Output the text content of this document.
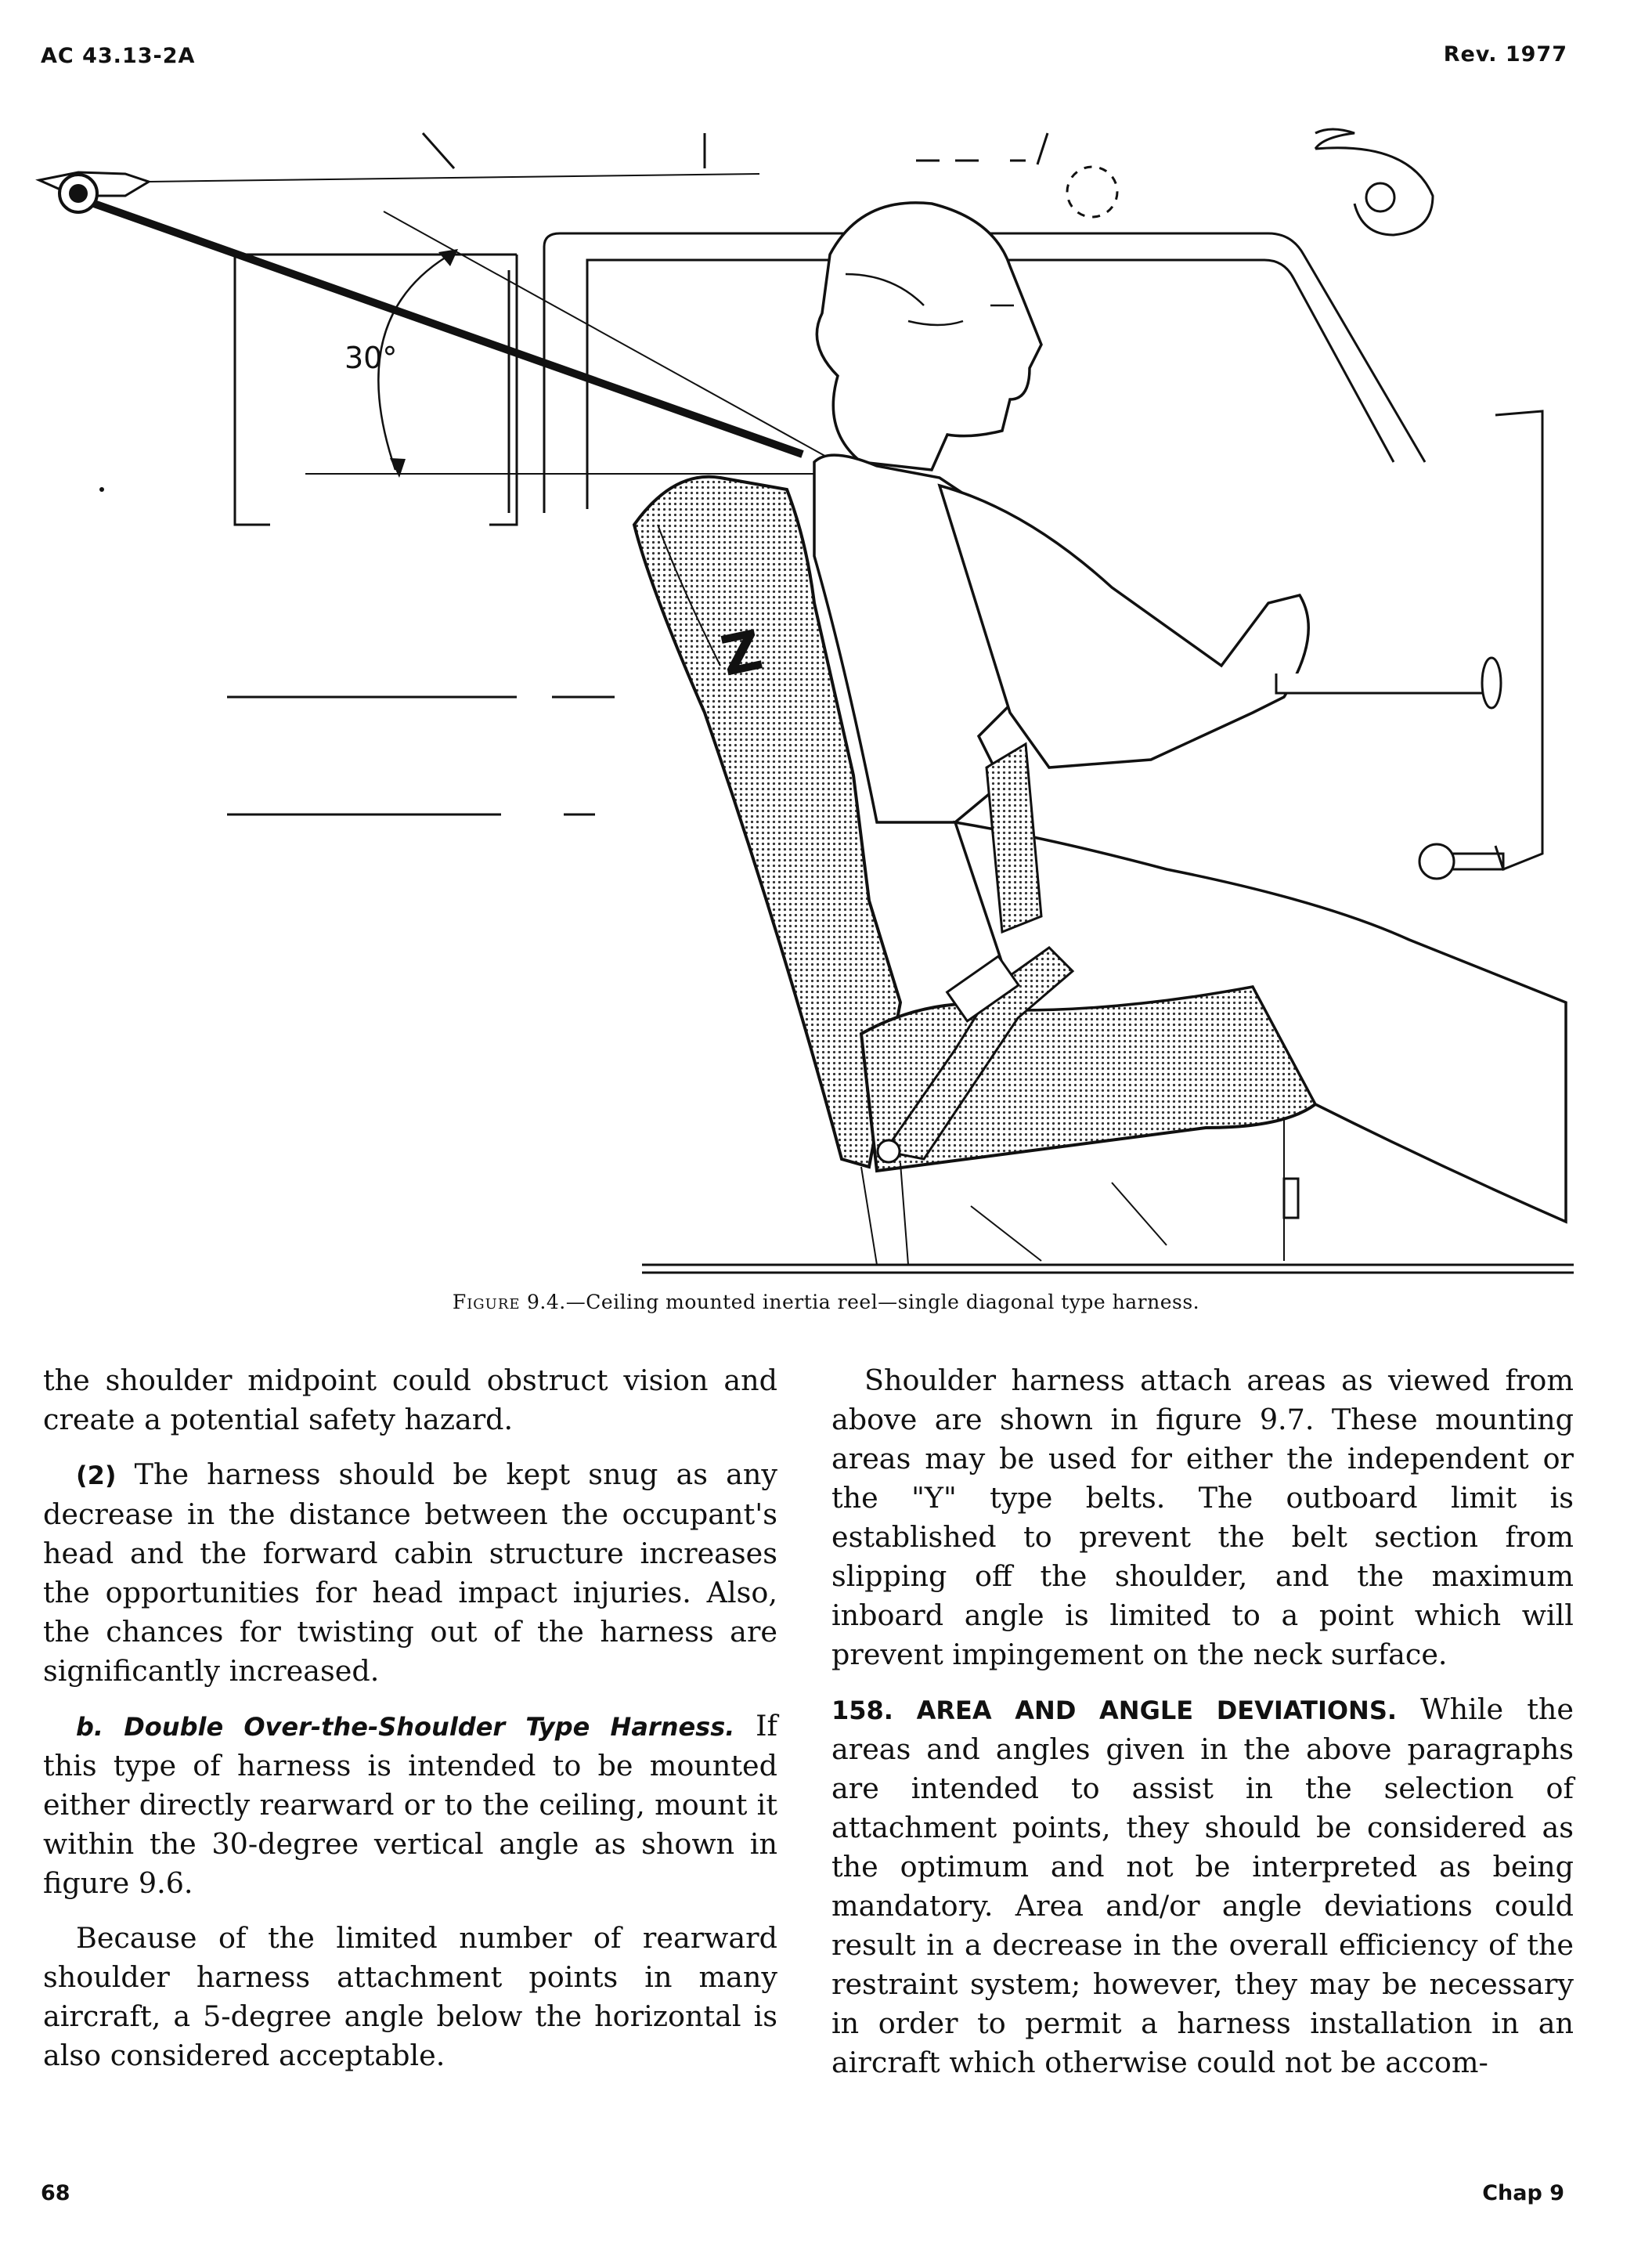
AC 43.13-2A	Rev. 1977
30°
Z
Figure 9.4.—Ceiling mounted inertia reel—single diagonal type harness.

the shoulder midpoint could obstruct vision and create a potential safety hazard.

(2) The harness should be kept snug as any decrease in the distance between the occupant's head and the forward cabin structure increases the opportunities for head impact injuries. Also, the chances for twisting out of the harness are significantly increased.

b. Double Over-the-Shoulder Type Harness. If this type of harness is intended to be mounted either directly rearward or to the ceiling, mount it within the 30-degree vertical angle as shown in figure 9.6.

Because of the limited number of rearward shoulder harness attachment points in many aircraft, a 5-degree angle below the horizontal is also considered acceptable.

Shoulder harness attach areas as viewed from above are shown in figure 9.7. These mounting areas may be used for either the independent or the "Y" type belts. The outboard limit is established to prevent the belt section from slipping off the shoulder, and the maximum inboard angle is limited to a point which will prevent impingement on the neck surface.

158. AREA AND ANGLE DEVIATIONS. While the areas and angles given in the above paragraphs are intended to assist in the selection of attachment points, they should be considered as the optimum and not be interpreted as being mandatory. Area and/or angle deviations could result in a decrease in the overall efficiency of the restraint system; however, they may be necessary in order to permit a harness installation in an aircraft which otherwise could not be accom-

68	Chap 9
